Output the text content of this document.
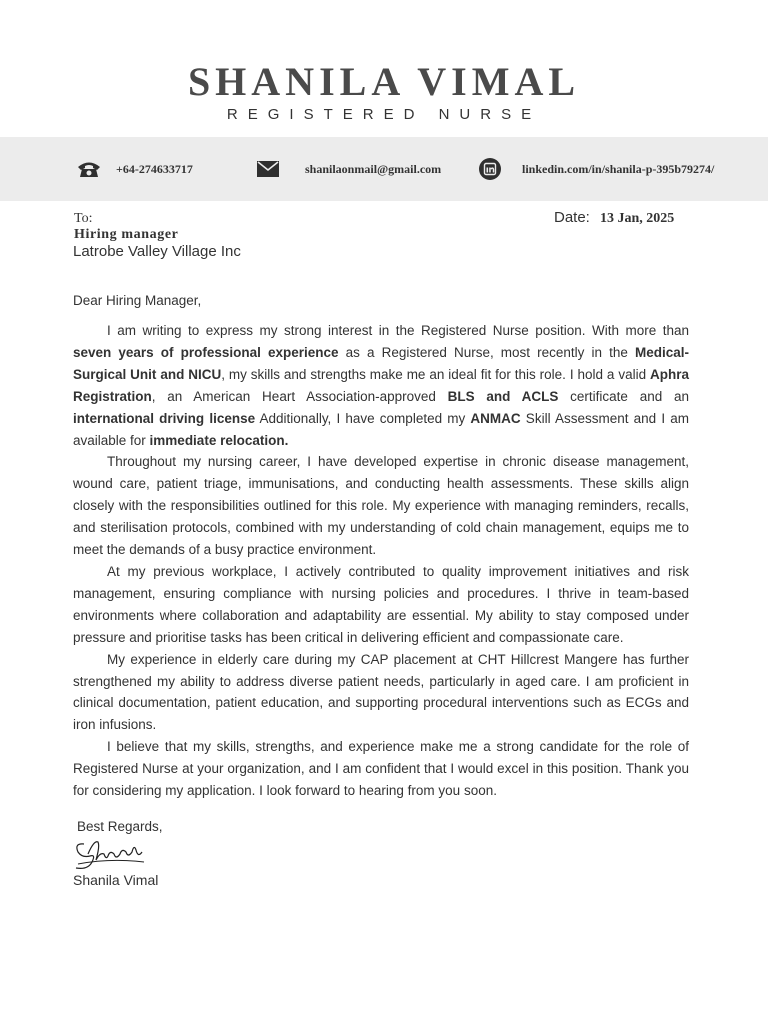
SHANILA VIMAL
REGISTERED NURSE
+64-274633717	shanilaonmail@gmail.com	linkedin.com/in/shanila-p-395b79274/
To:
Hiring manager
Latrobe Valley Village Inc
Date: 13 Jan, 2025
Dear Hiring Manager,

I am writing to express my strong interest in the Registered Nurse position. With more than seven years of professional experience as a Registered Nurse, most recently in the Medical-Surgical Unit and NICU, my skills and strengths make me an ideal fit for this role. I hold a valid Aphra Registration, an American Heart Association-approved BLS and ACLS certificate and an international driving license Additionally, I have completed my ANMAC Skill Assessment and I am available for immediate relocation.

Throughout my nursing career, I have developed expertise in chronic disease management, wound care, patient triage, immunisations, and conducting health assessments. These skills align closely with the responsibilities outlined for this role. My experience with managing reminders, recalls, and sterilisation protocols, combined with my understanding of cold chain management, equips me to meet the demands of a busy practice environment.

At my previous workplace, I actively contributed to quality improvement initiatives and risk management, ensuring compliance with nursing policies and procedures. I thrive in team-based environments where collaboration and adaptability are essential. My ability to stay composed under pressure and prioritise tasks has been critical in delivering efficient and compassionate care.

My experience in elderly care during my CAP placement at CHT Hillcrest Mangere has further strengthened my ability to address diverse patient needs, particularly in aged care. I am proficient in clinical documentation, patient education, and supporting procedural interventions such as ECGs and iron infusions.

I believe that my skills, strengths, and experience make me a strong candidate for the role of Registered Nurse at your organization, and I am confident that I would excel in this position. Thank you for considering my application. I look forward to hearing from you soon.

Best Regards,
Shanila Vimal
